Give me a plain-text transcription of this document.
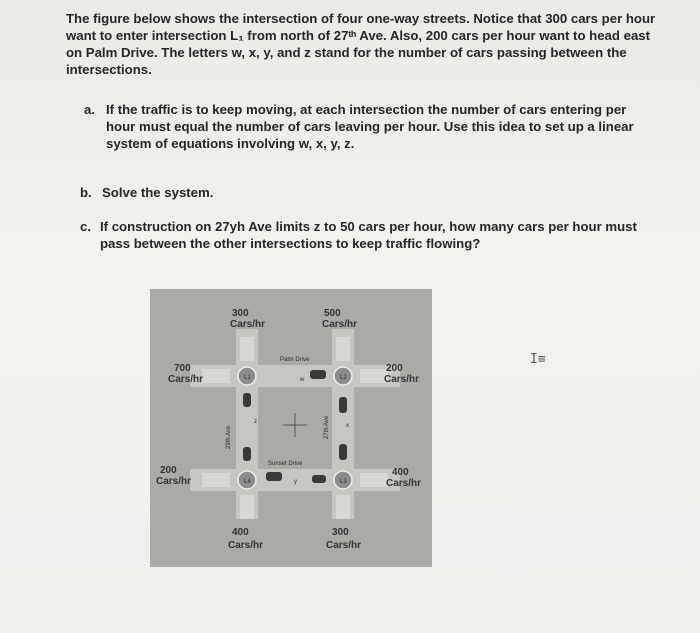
The figure below shows the intersection of four one-way streets. Notice that 300 cars per hour
want to enter intersection L₁ from north of 27ᵗʰ Ave. Also, 200 cars per hour want to head east
on Palm Drive. The letters w, x, y, and z stand for the number of cars passing between the
intersections.
a. If the traffic is to keep moving, at each intersection the number of cars entering per
hour must equal the number of cars leaving per hour. Use this idea to set up a linear
system of equations involving w, x, y, z.
b. Solve the system.
c. If construction on 27yh Ave limits z to 50 cars per hour, how many cars per hour must
pass between the other intersections to keep traffic flowing?
I≡
L1	L2
L4	L3
Palm Drive
Sunset Drive
29th Ave	27th Ave
w
x
y
z
300
Cars/hr
500
Cars/hr
700
Cars/hr
200
Cars/hr
200
Cars/hr
400
Cars/hr
400
Cars/hr
300
Cars/hr
